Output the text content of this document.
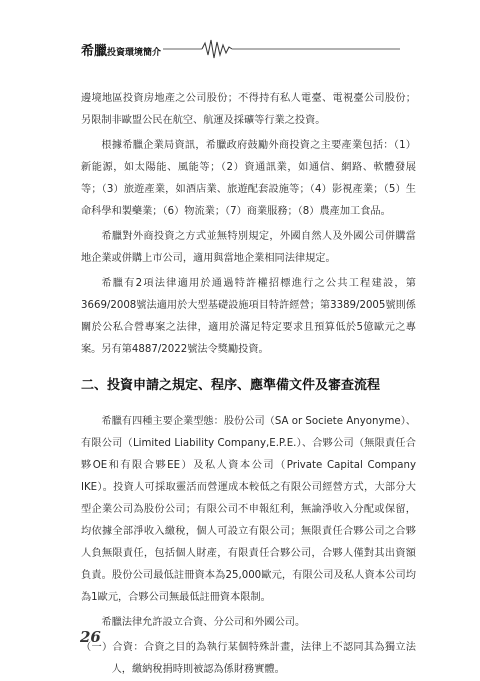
希臘投資環境簡介

邊境地區投資房地產之公司股份；不得持有私人電臺、電視臺公司股份；另限制非歐盟公民在航空、航運及採礦等行業之投資。

根據希臘企業局資訊，希臘政府鼓勵外商投資之主要產業包括：（1）新能源，如太陽能、風能等；（2）資通訊業，如通信、網路、軟體發展等；（3）旅遊產業，如酒店業、旅遊配套設施等；（4）影視產業；（5）生命科學和製藥業；（6）物流業；（7）商業服務；（8）農產加工食品。

希臘對外商投資之方式並無特別規定，外國自然人及外國公司併購當地企業或併購上市公司，適用與當地企業相同法律規定。

希臘有2項法律適用於通過特許權招標進行之公共工程建設，第3669/2008號法適用於大型基礎設施項目特許經營；第3389/2005號則係關於公私合營專案之法律，適用於滿足特定要求且預算低於5億歐元之專案。另有第4887/2022號法令獎勵投資。

二、投資申請之規定、程序、應準備文件及審查流程

希臘有四種主要企業型態：股份公司（SA or Societe Anyonyme）、有限公司（Limited Liability Company,E.P.E.）、合夥公司（無限責任合夥OE和有限合夥EE）及私人資本公司（Private Capital Company IKE）。投資人可採取靈活而營運成本較低之有限公司經營方式，大部分大型企業公司為股份公司；有限公司不申報紅利，無論淨收入分配或保留，均依據全部淨收入繳稅，個人可設立有限公司；無限責任合夥公司之合夥人負無限責任，包括個人財產，有限責任合夥公司，合夥人僅對其出資額負責。股份公司最低註冊資本為25,000歐元，有限公司及私人資本公司均為1歐元，合夥公司無最低註冊資本限制。

希臘法律允許設立合資、分公司和外國公司。

（一）合資：合資之目的為執行某個特殊計畫，法律上不認同其為獨立法人，繳納稅捐時則被認為係財務實體。

26
